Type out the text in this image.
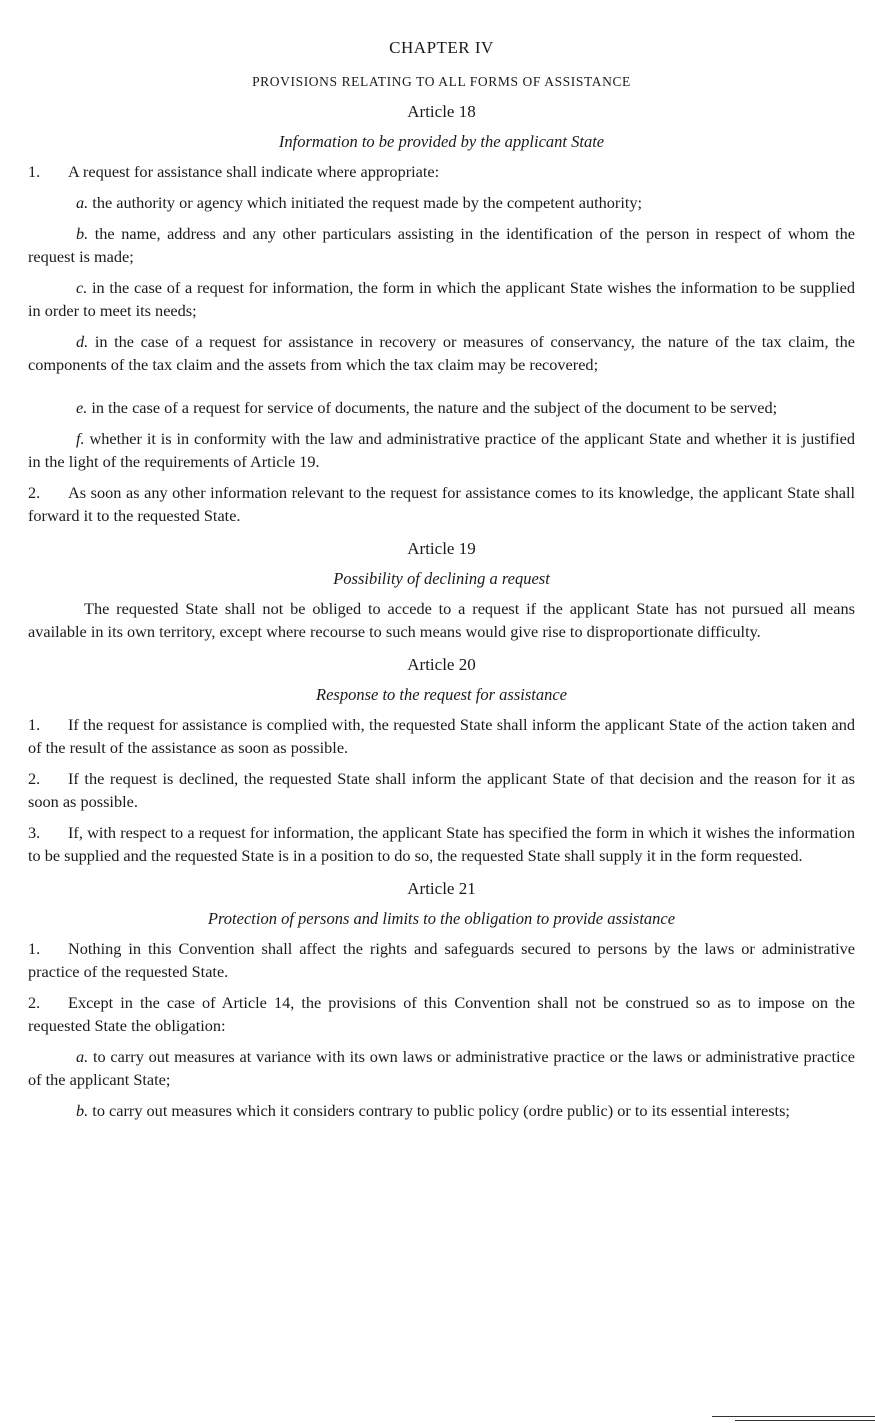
CHAPTER IV
PROVISIONS RELATING TO ALL FORMS OF ASSISTANCE
Article 18
Information to be provided by the applicant State

1. A request for assistance shall indicate where appropriate:

a. the authority or agency which initiated the request made by the competent authority;

b. the name, address and any other particulars assisting in the identification of the person in respect of whom the request is made;

c. in the case of a request for information, the form in which the applicant State wishes the information to be supplied in order to meet its needs;

d. in the case of a request for assistance in recovery or measures of conservancy, the nature of the tax claim, the components of the tax claim and the assets from which the tax claim may be recovered;

e. in the case of a request for service of documents, the nature and the subject of the document to be served;

f. whether it is in conformity with the law and administrative practice of the applicant State and whether it is justified in the light of the requirements of Article 19.

2. As soon as any other information relevant to the request for assistance comes to its knowledge, the applicant State shall forward it to the requested State.

Article 19
Possibility of declining a request

The requested State shall not be obliged to accede to a request if the applicant State has not pursued all means available in its own territory, except where recourse to such means would give rise to disproportionate difficulty.

Article 20
Response to the request for assistance

1. If the request for assistance is complied with, the requested State shall inform the applicant State of the action taken and of the result of the assistance as soon as possible.

2. If the request is declined, the requested State shall inform the applicant State of that decision and the reason for it as soon as possible.

3. If, with respect to a request for information, the applicant State has specified the form in which it wishes the information to be supplied and the requested State is in a position to do so, the requested State shall supply it in the form requested.

Article 21
Protection of persons and limits to the obligation to provide assistance

1. Nothing in this Convention shall affect the rights and safeguards secured to persons by the laws or administrative practice of the requested State.

2. Except in the case of Article 14, the provisions of this Convention shall not be construed so as to impose on the requested State the obligation:

a. to carry out measures at variance with its own laws or administrative practice or the laws or administrative practice of the applicant State;

b. to carry out measures which it considers contrary to public policy (ordre public) or to its essential interests;
